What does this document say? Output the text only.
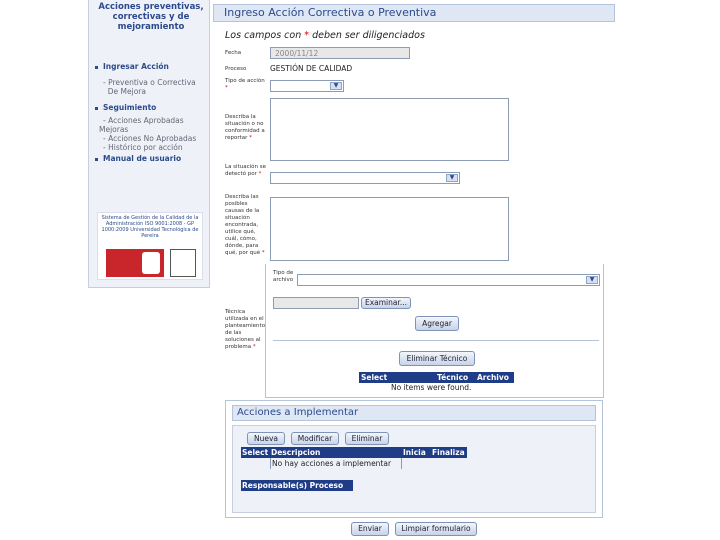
Acciones preventivas, correctivas y de mejoramiento
Ingresar Acción
- Preventiva o Correctiva
De Mejora
Seguimiento
- Acciones Aprobadas
Mejoras
- Acciones No Aprobadas
- Histórico por acción
Manual de usuario
Sistema de Gestión de la Calidad de la Administración ISO 9001:2008 - GP 1000:2009 Universidad Tecnológica de Pereira
Ingreso Acción Correctiva o Preventiva
Los campos con * deben ser diligenciados
Fecha	2000/11/12
Proceso	GESTIÓN DE CALIDAD
Tipo de acción *	▼
Describa la situación o no conformidad a reportar *
La situación se detectó por *	▼
Describa las posibles causas de la situación encontrada, utilice qué, cuál, cómo, dónde, para qué, por qué *
Tipo de archivo	▼
Examinar...
Técnica utilizada en el planteamiento de las soluciones al problema *
Agregar
Eliminar Técnico
Select	Técnico Archivo
No items were found.
Acciones a Implementar
Nueva	Modificar	Eliminar
Select Descripcion	Inicia Finaliza
No hay acciones a implementar
Responsable(s) Proceso
Enviar	Limpiar formulario
